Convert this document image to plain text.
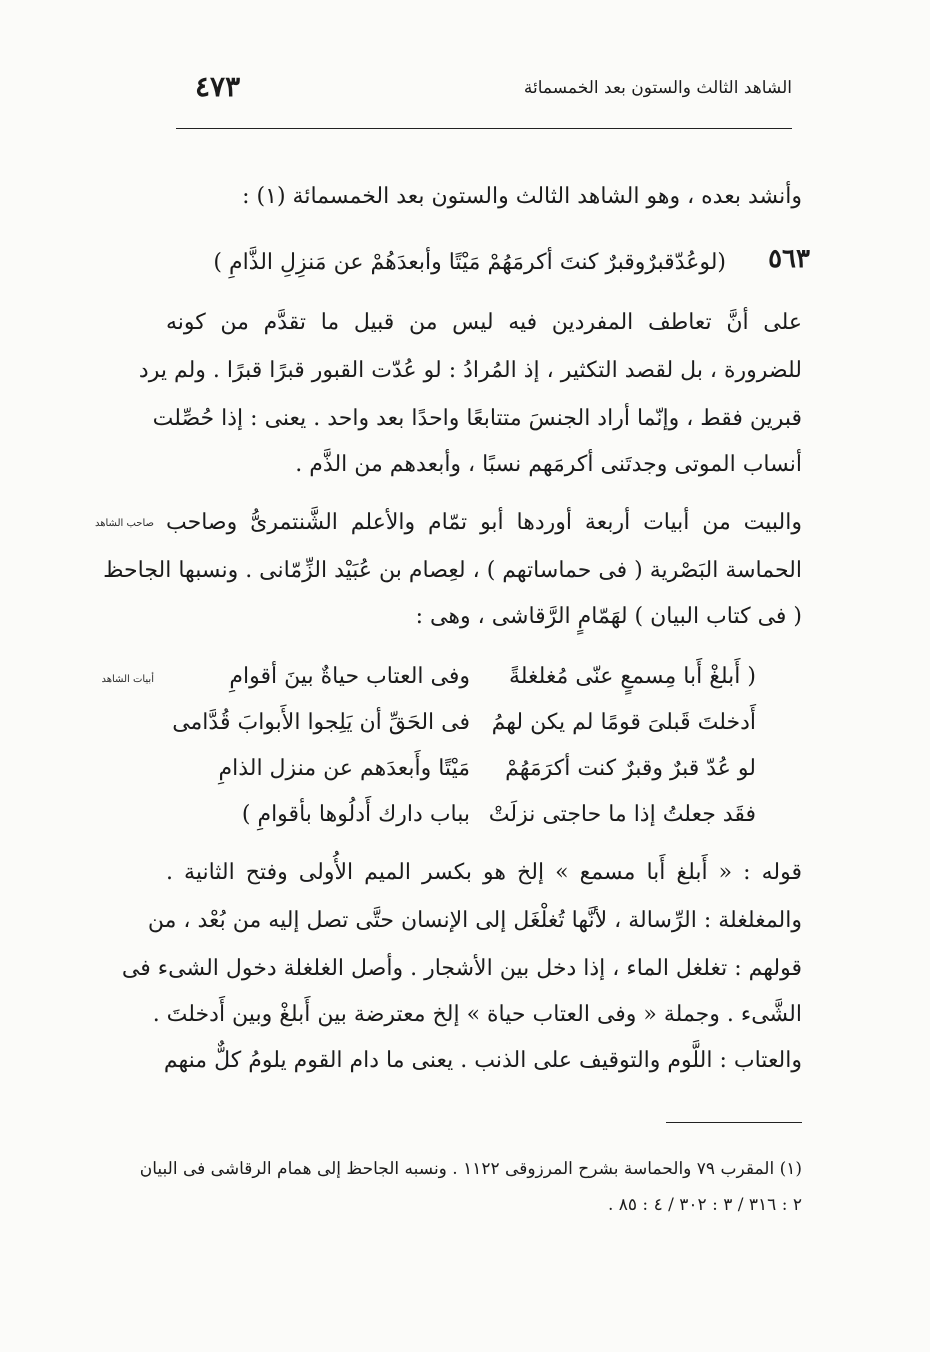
الشاهد الثالث والستون بعد الخمسمائة
٤٧٣
وأنشد بعده ، وهو الشاهد الثالث والستون بعد الخمسمائة (١) :
٥٦٣
(لوعُدّقبرٌوقبرٌ كنتَ أكرمَهُمْ مَيْتًا وأبعدَهُمْ عن مَنزِلِ الذَّامِ )
على أنَّ تعاطف المفردين فيه ليس من قبيل ما تقدَّم من كونه
للضرورة ، بل لقصد التكثير ، إذ المُرادُ : لو عُدّت القبور قبرًا قبرًا . ولم يرد
قبرين فقط ، وإنّما أراد الجنسَ متتابعًا واحدًا بعد واحد . يعنى : إذا حُصِّلت
أنساب الموتى وجدتَنى أكرمَهم نسبًا ، وأبعدهم من الذَّم .
صاحب الشاهد والبيت من أبيات أربعة أوردها أبو تمّام والأعلم الشَّنتمرىُّ وصاحب
الحماسة البَصْرية ( فى حماساتهم ) ، لعِصام بن عُبَيْد الزِّمّانى . ونسبها الجاحظ
( فى كتاب البيان ) لهَمّامٍ الرَّقاشى ، وهى :
أبيات الشاهد	( أَبلغْ أَبا مِسمعٍ عنّى مُغلغلةً
وفى العتاب حياةٌ بينَ أقوامِ
أَدخلتَ قَبلىَ قومًا لم يكن لهمُ
فى الحَقِّ أن يَلِجوا الأَبوابَ قُدَّامى
لو عُدّ قبرٌ وقبرٌ كنت أكرَمَهُمْ
مَيْتًا وأَبعدَهم عن منزل الذامِ
فقَد جعلتُ إذا ما حاجتى نزلَتْ
بباب دارك أَدلُوها بأقوامِ )
قوله : « أَبلغ أَبا مسمع » إلخ هو بكسر الميم الأُولى وفتح الثانية .
والمغلغلة : الرِّسالة ، لأنَّها تُغلْغَل إلى الإنسان حتَّى تصل إليه من بُعْد ، من
قولهم : تغلغل الماء ، إذا دخل بين الأشجار . وأصل الغلغلة دخول الشىء فى
الشَّىء . وجملة « وفى العتاب حياة » إلخ معترضة بين أَبلغْ وبين أَدخلتَ .
والعتاب : اللَّوم والتوقيف على الذنب . يعنى ما دام القوم يلومُ كلٌّ منهم
(١) المقرب ٧٩ والحماسة بشرح المرزوقى ١١٢٢ . ونسبه الجاحظ إلى همام الرقاشى فى البيان
٢ : ٣١٦ / ٣ : ٣٠٢ / ٤ : ٨٥ .
